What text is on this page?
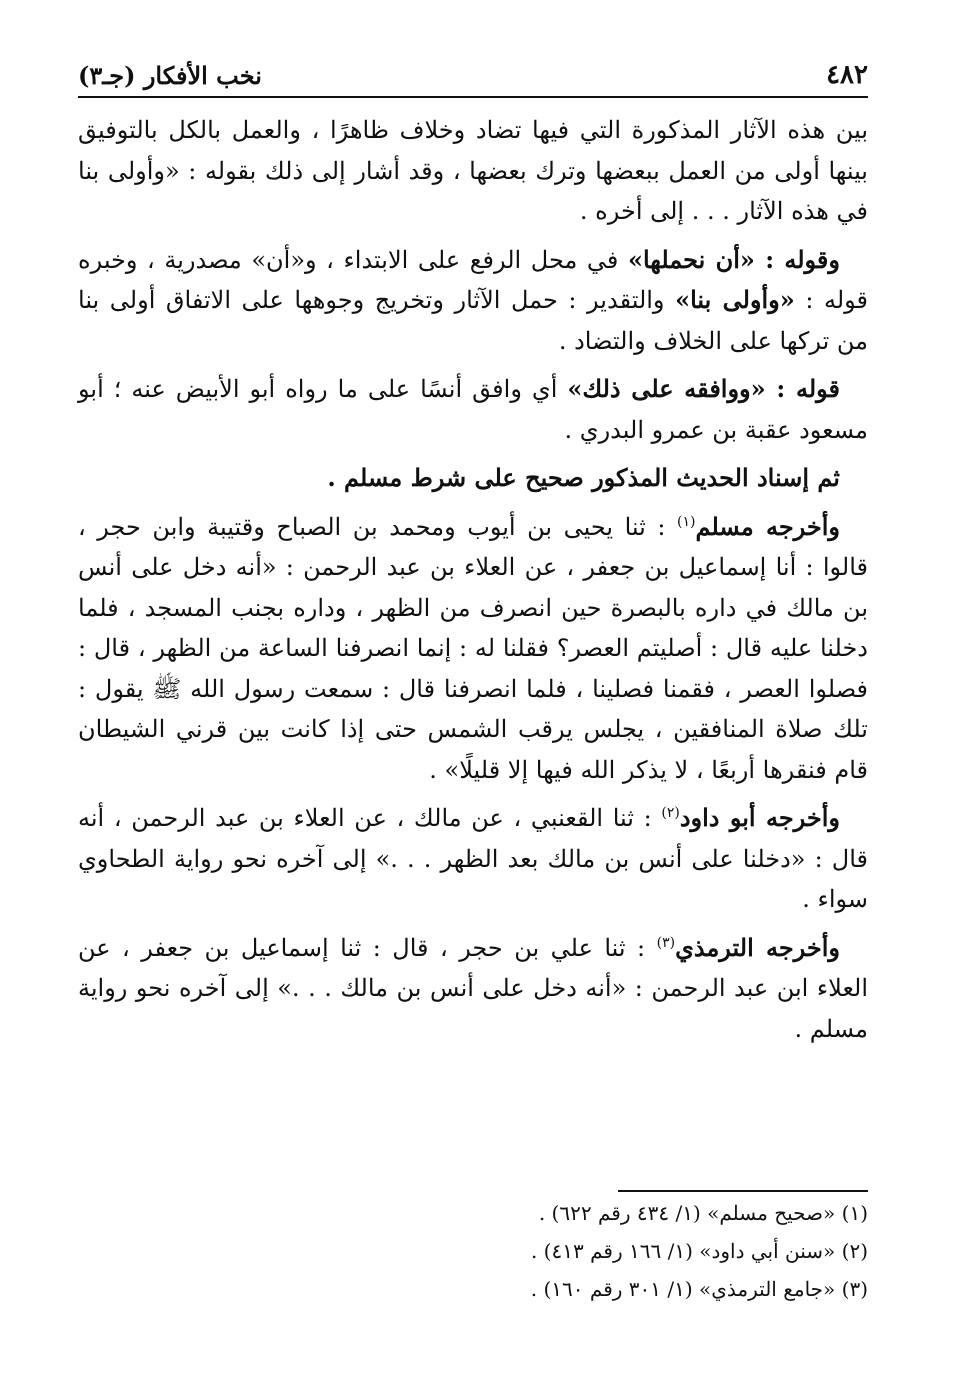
٤٨٢
نخب الأفكار (جـ٣)

بين هذه الآثار المذكورة التي فيها تضاد وخلاف ظاهرًا ، والعمل بالكل بالتوفيق بينها أولى من العمل ببعضها وترك بعضها ، وقد أشار إلى ذلك بقوله : «وأولى بنا في هذه الآثار . . . إلى أخره .

وقوله : «أن نحملها» في محل الرفع على الابتداء ، و«أن» مصدرية ، وخبره قوله : «وأولى بنا» والتقدير : حمل الآثار وتخريج وجوهها على الاتفاق أولى بنا من تركها على الخلاف والتضاد .

قوله : «ووافقه على ذلك» أي وافق أنسًا على ما رواه أبو الأبيض عنه ؛ أبو مسعود عقبة بن عمرو البدري .

ثم إسناد الحديث المذكور صحيح على شرط مسلم .

وأخرجه مسلم$^{(١)}$ : ثنا يحيى بن أيوب ومحمد بن الصباح وقتيبة وابن حجر ، قالوا : أنا إسماعيل بن جعفر ، عن العلاء بن عبد الرحمن : «أنه دخل على أنس بن مالك في داره بالبصرة حين انصرف من الظهر ، وداره بجنب المسجد ، فلما دخلنا عليه قال : أصليتم العصر؟ فقلنا له : إنما انصرفنا الساعة من الظهر ، قال : فصلوا العصر ، فقمنا فصلينا ، فلما انصرفنا قال : سمعت رسول الله ﷺ يقول : تلك صلاة المنافقين ، يجلس يرقب الشمس حتى إذا كانت بين قرني الشيطان قام فنقرها أربعًا ، لا يذكر الله فيها إلا قليلًا» .

وأخرجه أبو داود$^{(٢)}$ : ثنا القعنبي ، عن مالك ، عن العلاء بن عبد الرحمن ، أنه قال : «دخلنا على أنس بن مالك بعد الظهر . . .» إلى آخره نحو رواية الطحاوي سواء .

وأخرجه الترمذي$^{(٣)}$ : ثنا علي بن حجر ، قال : ثنا إسماعيل بن جعفر ، عن العلاء ابن عبد الرحمن : «أنه دخل على أنس بن مالك . . .» إلى آخره نحو رواية مسلم .

(١) «صحيح مسلم» (١/ ٤٣٤ رقم ٦٢٢) .

(٢) «سنن أبي داود» (١/ ١٦٦ رقم ٤١٣) .

(٣) «جامع الترمذي» (١/ ٣٠١ رقم ١٦٠) .
